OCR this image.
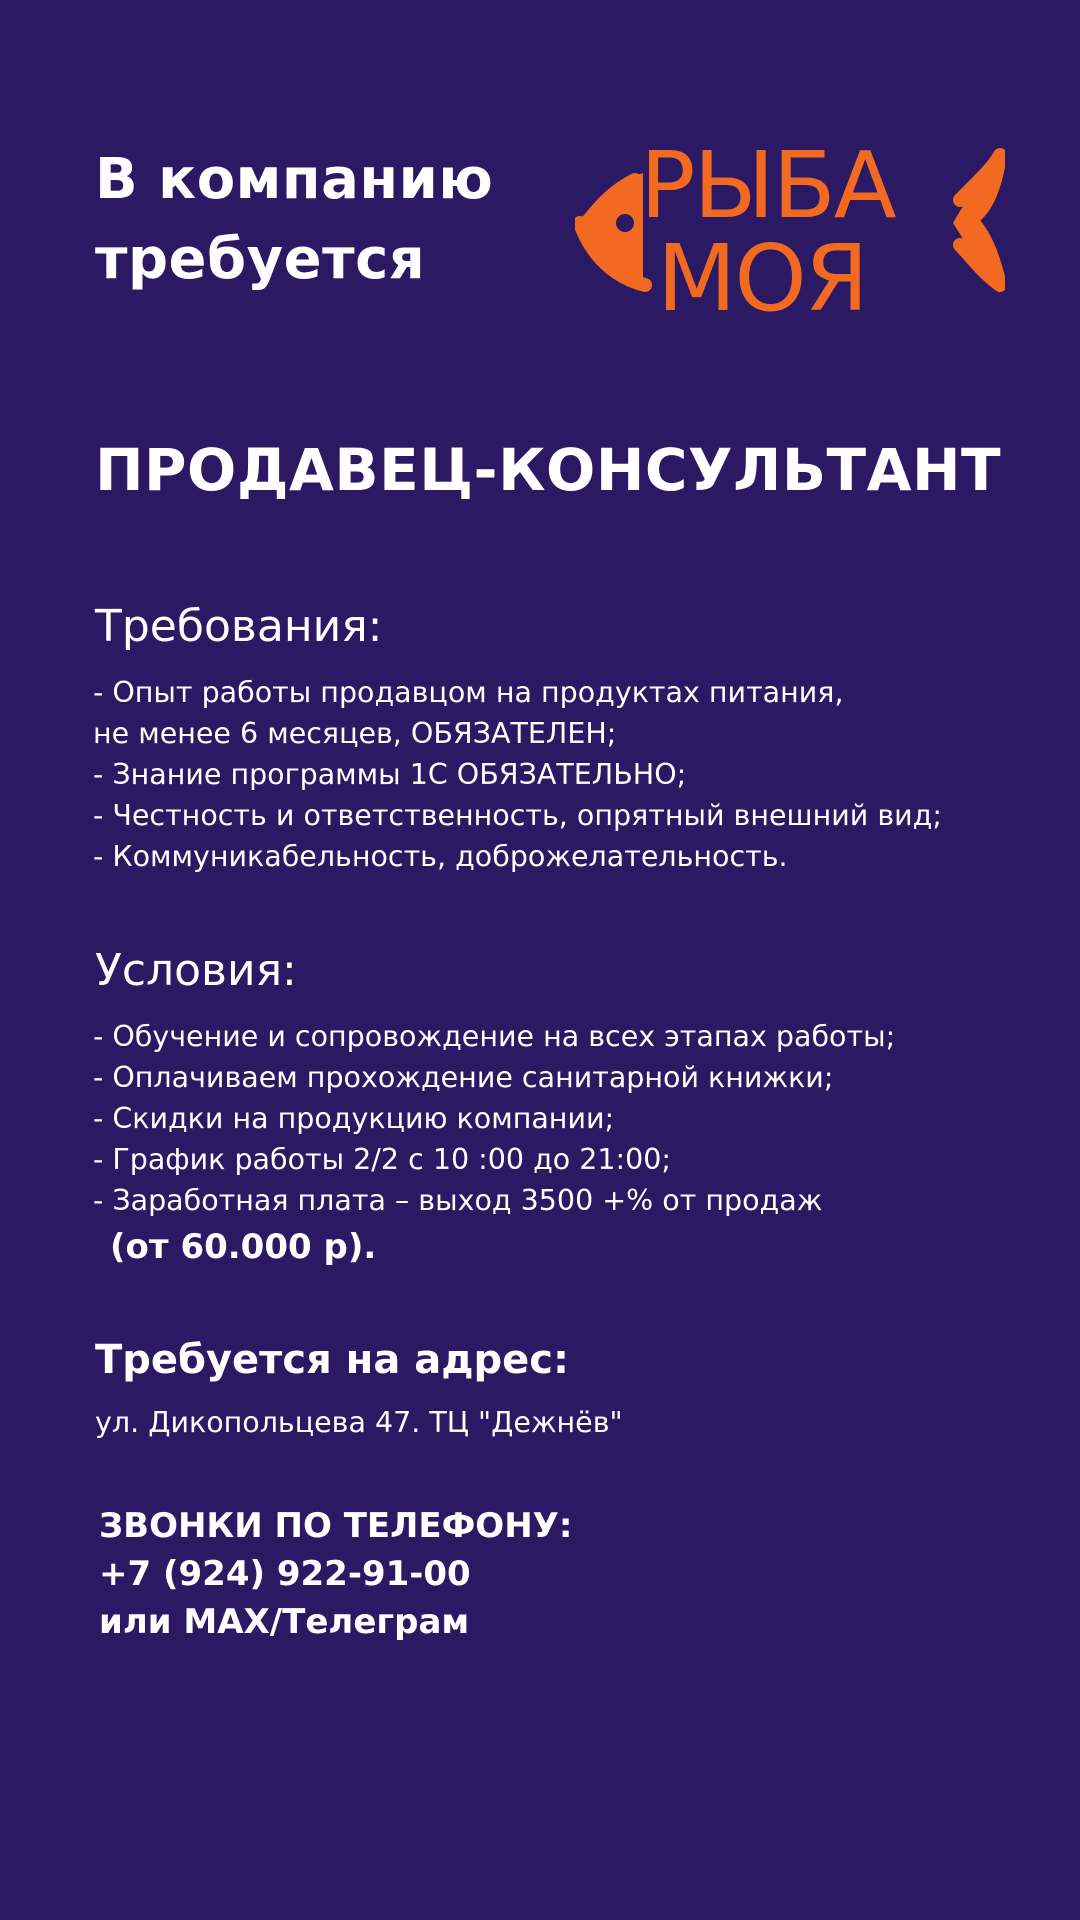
В компанию
требуется
РЫБА
МОЯ
ПРОДАВЕЦ-КОНСУЛЬТАНТ
Требования:
- Опыт работы продавцом на продуктах питания,
не менее 6 месяцев, ОБЯЗАТЕЛЕН;
- Знание программы 1С ОБЯЗАТЕЛЬНО;
- Честность и ответственность, опрятный внешний вид;
- Коммуникабельность, доброжелательность.
Условия:
- Обучение и сопровождение на всех этапах работы;
- Оплачиваем прохождение санитарной книжки;
- Скидки на продукцию компании;
- График работы 2/2 с 10 :00 до 21:00;
- Заработная плата – выход 3500 +% от продаж
(от 60.000 р).
Требуется на адрес:
ул. Дикопольцева 47. ТЦ "Дежнёв"
ЗВОНКИ ПО ТЕЛЕФОНУ:
+7 (924) 922-91-00
или MAX/Телеграм
